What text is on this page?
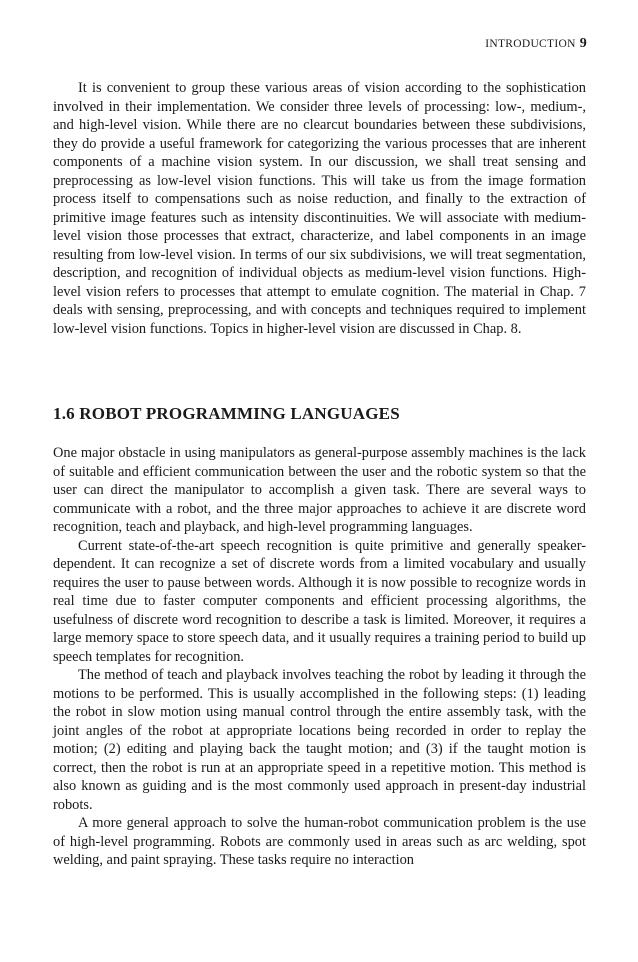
INTRODUCTION 9

It is convenient to group these various areas of vision according to the sophistication involved in their implementation. We consider three levels of processing: low-, medium-, and high-level vision. While there are no clearcut boundaries between these subdivisions, they do provide a useful framework for categorizing the various processes that are inherent components of a machine vision system. In our discussion, we shall treat sensing and preprocessing as low-level vision functions. This will take us from the image formation process itself to compensations such as noise reduction, and finally to the extraction of primitive image features such as intensity discontinuities. We will associate with medium-level vision those processes that extract, characterize, and label components in an image resulting from low-level vision. In terms of our six subdivisions, we will treat segmentation, description, and recognition of individual objects as medium-level vision functions. High-level vision refers to processes that attempt to emulate cognition. The material in Chap. 7 deals with sensing, preprocessing, and with concepts and techniques required to implement low-level vision functions. Topics in higher-level vision are discussed in Chap. 8.

1.6 ROBOT PROGRAMMING LANGUAGES

One major obstacle in using manipulators as general-purpose assembly machines is the lack of suitable and efficient communication between the user and the robotic system so that the user can direct the manipulator to accomplish a given task. There are several ways to communicate with a robot, and the three major approaches to achieve it are discrete word recognition, teach and playback, and high-level programming languages.

Current state-of-the-art speech recognition is quite primitive and generally speaker-dependent. It can recognize a set of discrete words from a limited vocabulary and usually requires the user to pause between words. Although it is now possible to recognize words in real time due to faster computer components and efficient processing algorithms, the usefulness of discrete word recognition to describe a task is limited. Moreover, it requires a large memory space to store speech data, and it usually requires a training period to build up speech templates for recognition.

The method of teach and playback involves teaching the robot by leading it through the motions to be performed. This is usually accomplished in the following steps: (1) leading the robot in slow motion using manual control through the entire assembly task, with the joint angles of the robot at appropriate locations being recorded in order to replay the motion; (2) editing and playing back the taught motion; and (3) if the taught motion is correct, then the robot is run at an appropriate speed in a repetitive motion. This method is also known as guiding and is the most commonly used approach in present-day industrial robots.

A more general approach to solve the human-robot communication problem is the use of high-level programming. Robots are commonly used in areas such as arc welding, spot welding, and paint spraying. These tasks require no interaction
